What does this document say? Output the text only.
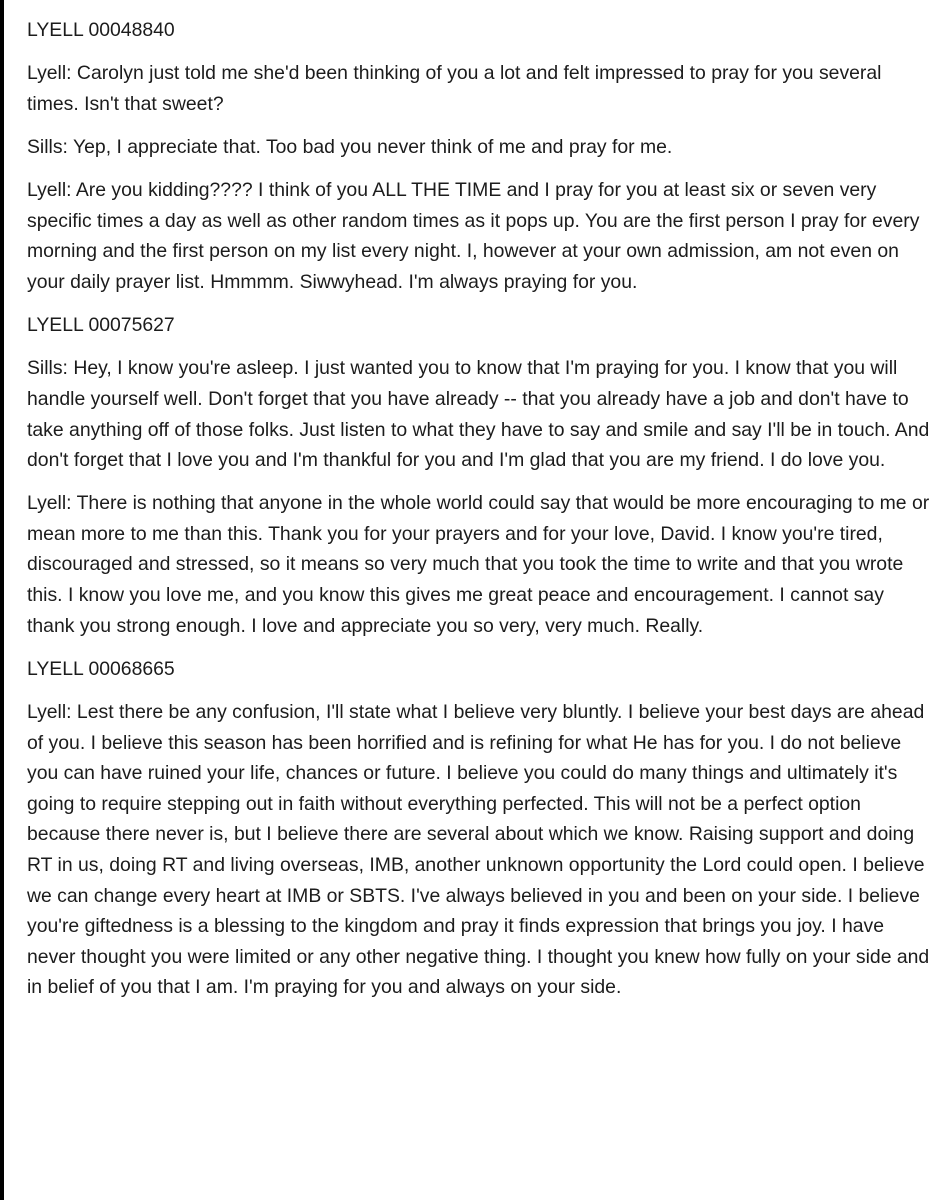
LYELL 00048840

Lyell: Carolyn just told me she'd been thinking of you a lot and felt impressed to pray for you several times. Isn't that sweet?

Sills: Yep, I appreciate that. Too bad you never think of me and pray for me.

Lyell: Are you kidding???? I think of you ALL THE TIME and I pray for you at least six or seven very specific times a day as well as other random times as it pops up. You are the first person I pray for every morning and the first person on my list every night. I, however at your own admission, am not even on your daily prayer list. Hmmmm. Siwwyhead. I'm always praying for you.

LYELL 00075627

Sills: Hey, I know you're asleep. I just wanted you to know that I'm praying for you. I know that you will handle yourself well. Don't forget that you have already -- that you already have a job and don't have to take anything off of those folks. Just listen to what they have to say and smile and say I'll be in touch. And don't forget that I love you and I'm thankful for you and I'm glad that you are my friend. I do love you.

Lyell: There is nothing that anyone in the whole world could say that would be more encouraging to me or mean more to me than this. Thank you for your prayers and for your love, David. I know you're tired, discouraged and stressed, so it means so very much that you took the time to write and that you wrote this. I know you love me, and you know this gives me great peace and encouragement. I cannot say thank you strong enough. I love and appreciate you so very, very much. Really.

LYELL 00068665

Lyell: Lest there be any confusion, I'll state what I believe very bluntly. I believe your best days are ahead of you. I believe this season has been horrified and is refining for what He has for you. I do not believe you can have ruined your life, chances or future. I believe you could do many things and ultimately it's going to require stepping out in faith without everything perfected. This will not be a perfect option because there never is, but I believe there are several about which we know. Raising support and doing RT in us, doing RT and living overseas, IMB, another unknown opportunity the Lord could open. I believe we can change every heart at IMB or SBTS. I've always believed in you and been on your side. I believe you're giftedness is a blessing to the kingdom and pray it finds expression that brings you joy. I have never thought you were limited or any other negative thing. I thought you knew how fully on your side and in belief of you that I am. I'm praying for you and always on your side.
